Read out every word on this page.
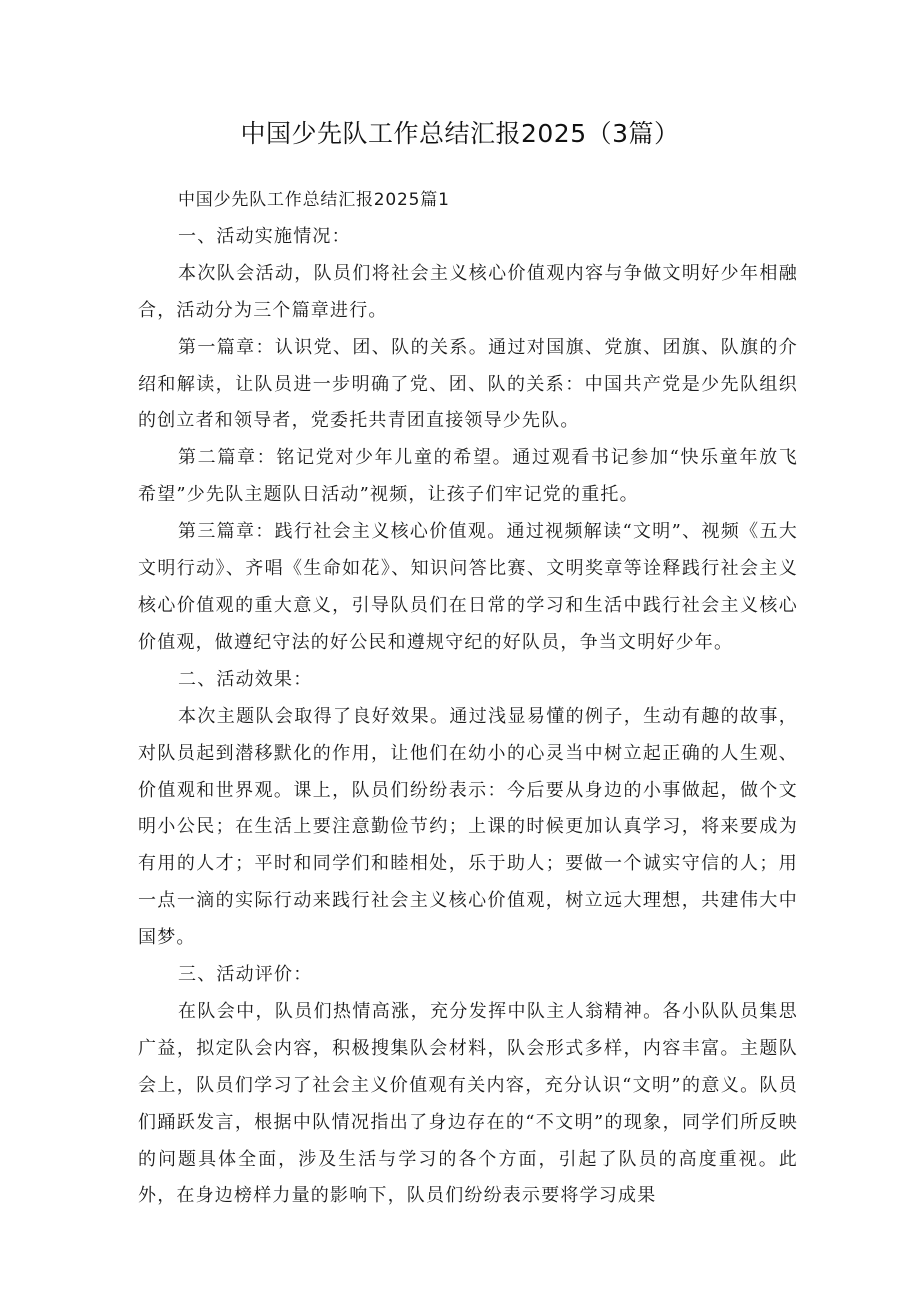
中国少先队工作总结汇报2025（3篇）

中国少先队工作总结汇报2025篇1

一、活动实施情况：

本次队会活动，队员们将社会主义核心价值观内容与争做文明好少年相融合，活动分为三个篇章进行。

第一篇章：认识党、团、队的关系。通过对国旗、党旗、团旗、队旗的介绍和解读，让队员进一步明确了党、团、队的关系：中国共产党是少先队组织的创立者和领导者，党委托共青团直接领导少先队。

第二篇章：铭记党对少年儿童的希望。通过观看书记参加“快乐童年放飞希望”少先队主题队日活动”视频，让孩子们牢记党的重托。

第三篇章：践行社会主义核心价值观。通过视频解读“文明”、视频《五大文明行动》、齐唱《生命如花》、知识问答比赛、文明奖章等诠释践行社会主义核心价值观的重大意义，引导队员们在日常的学习和生活中践行社会主义核心价值观，做遵纪守法的好公民和遵规守纪的好队员，争当文明好少年。

二、活动效果：

本次主题队会取得了良好效果。通过浅显易懂的例子，生动有趣的故事，对队员起到潜移默化的作用，让他们在幼小的心灵当中树立起正确的人生观、价值观和世界观。课上，队员们纷纷表示：今后要从身边的小事做起，做个文明小公民；在生活上要注意勤俭节约；上课的时候更加认真学习，将来要成为有用的人才；平时和同学们和睦相处，乐于助人；要做一个诚实守信的人；用一点一滴的实际行动来践行社会主义核心价值观，树立远大理想，共建伟大中国梦。

三、活动评价：

在队会中，队员们热情高涨，充分发挥中队主人翁精神。各小队队员集思广益，拟定队会内容，积极搜集队会材料，队会形式多样，内容丰富。主题队会上，队员们学习了社会主义价值观有关内容，充分认识“文明”的意义。队员们踊跃发言，根据中队情况指出了身边存在的“不文明”的现象，同学们所反映的问题具体全面，涉及生活与学习的各个方面，引起了队员的高度重视。此外，在身边榜样力量的影响下，队员们纷纷表示要将学习成果
